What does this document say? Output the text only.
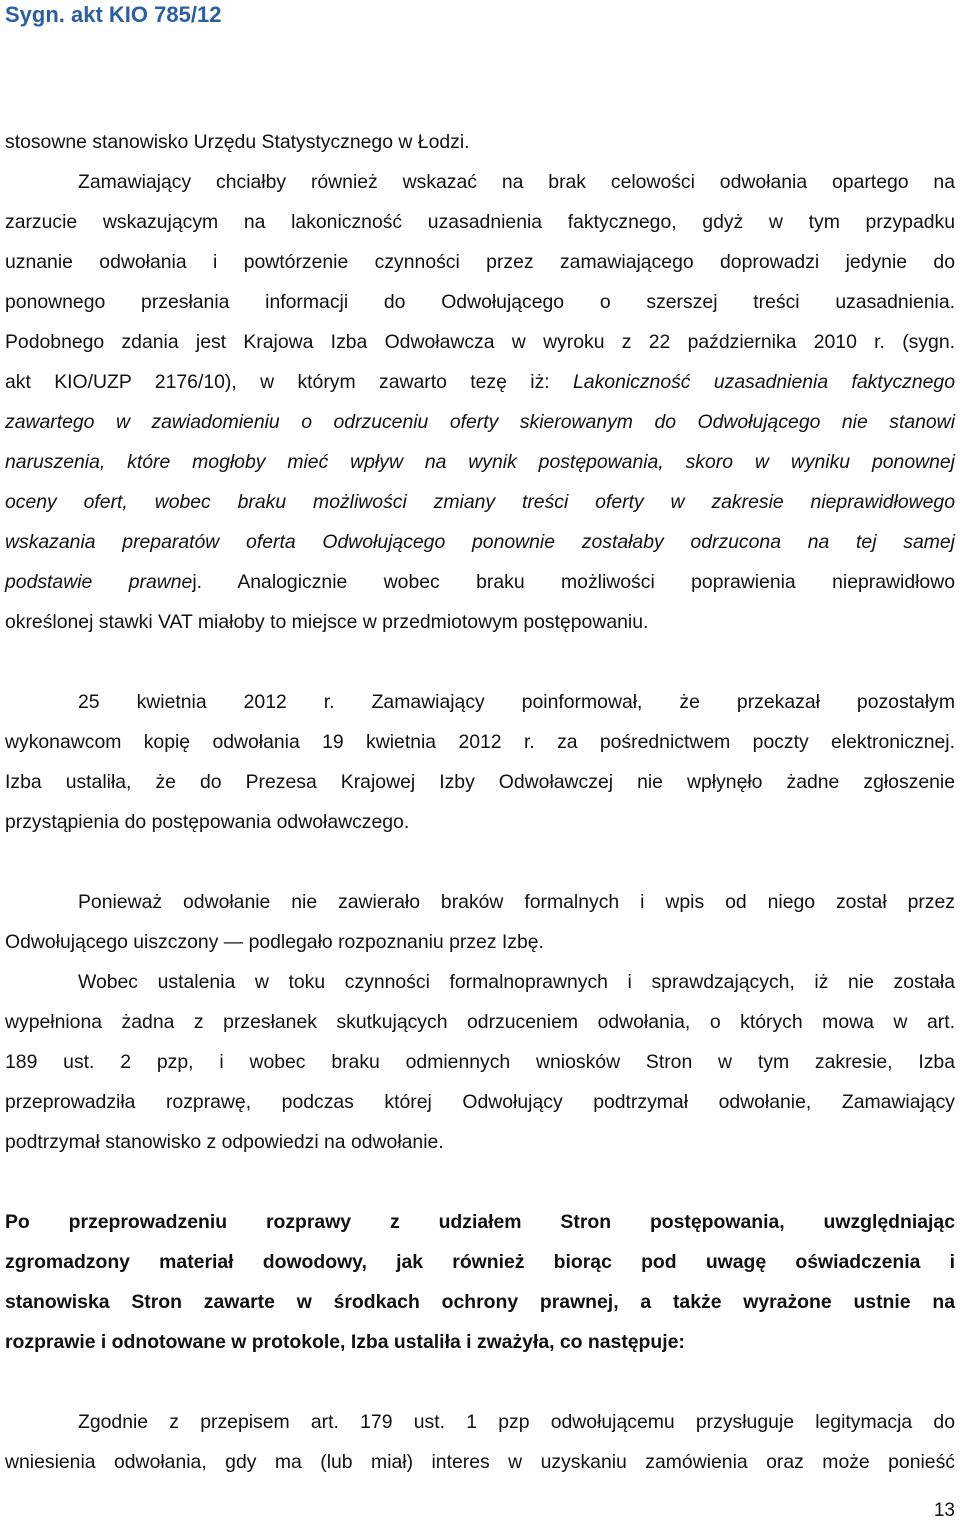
Sygn. akt KIO 785/12
stosowne stanowisko Urzędu Statystycznego w Łodzi.
Zamawiający chciałby również wskazać na brak celowości odwołania opartego na
zarzucie wskazującym na lakoniczność uzasadnienia faktycznego, gdyż w tym przypadku
uznanie odwołania i powtórzenie czynności przez zamawiającego doprowadzi jedynie do
ponownego przesłania informacji do Odwołującego o szerszej treści uzasadnienia.
Podobnego zdania jest Krajowa Izba Odwoławcza w wyroku z 22 października 2010 r. (sygn.
akt KIO/UZP 2176/10), w którym zawarto tezę iż: Lakoniczność uzasadnienia faktycznego
zawartego w zawiadomieniu o odrzuceniu oferty skierowanym do Odwołującego nie stanowi
naruszenia, które mogłoby mieć wpływ na wynik postępowania, skoro w wyniku ponownej
oceny ofert, wobec braku możliwości zmiany treści oferty w zakresie nieprawidłowego
wskazania preparatów oferta Odwołującego ponownie zostałaby odrzucona na tej samej
podstawie prawnej. Analogicznie wobec braku możliwości poprawienia nieprawidłowo
określonej stawki VAT miałoby to miejsce w przedmiotowym postępowaniu.
25 kwietnia 2012 r. Zamawiający poinformował, że przekazał pozostałym
wykonawcom kopię odwołania 19 kwietnia 2012 r. za pośrednictwem poczty elektronicznej.
Izba ustaliła, że do Prezesa Krajowej Izby Odwoławczej nie wpłynęło żadne zgłoszenie
przystąpienia do postępowania odwoławczego.
Ponieważ odwołanie nie zawierało braków formalnych i wpis od niego został przez
Odwołującego uiszczony — podlegało rozpoznaniu przez Izbę.
Wobec ustalenia w toku czynności formalnoprawnych i sprawdzających, iż nie została
wypełniona żadna z przesłanek skutkujących odrzuceniem odwołania, o których mowa w art.
189 ust. 2 pzp, i wobec braku odmiennych wniosków Stron w tym zakresie, Izba
przeprowadziła rozprawę, podczas której Odwołujący podtrzymał odwołanie, Zamawiający
podtrzymał stanowisko z odpowiedzi na odwołanie.
Po przeprowadzeniu rozprawy z udziałem Stron postępowania, uwzględniając
zgromadzony materiał dowodowy, jak również biorąc pod uwagę oświadczenia i
stanowiska Stron zawarte w środkach ochrony prawnej, a także wyrażone ustnie na
rozprawie i odnotowane w protokole, Izba ustaliła i zważyła, co następuje:
Zgodnie z przepisem art. 179 ust. 1 pzp odwołującemu przysługuje legitymacja do
wniesienia odwołania, gdy ma (lub miał) interes w uzyskaniu zamówienia oraz może ponieść
13
